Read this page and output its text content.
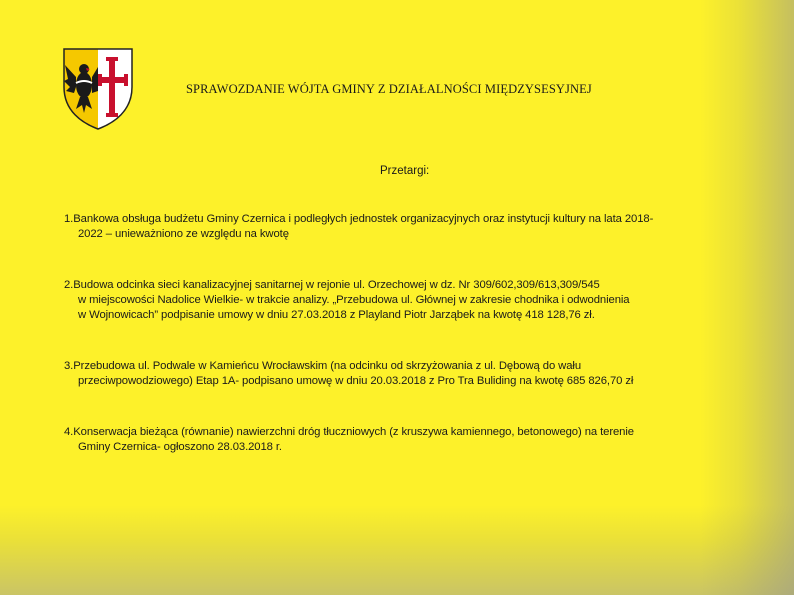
SPRAWOZDANIE WÓJTA GMINY Z DZIAŁALNOŚCI MIĘDZYSESYJNEJ
Przetargi:
1.Bankowa obsługa budżetu Gminy Czernica i podległych jednostek organizacyjnych oraz instytucji kultury na lata 2018-
2022 – unieważniono ze względu na kwotę
2.Budowa odcinka sieci kanalizacyjnej sanitarnej w rejonie ul. Orzechowej w dz. Nr 309/602,309/613,309/545
w miejscowości Nadolice Wielkie- w trakcie analizy. „Przebudowa ul. Głównej w zakresie chodnika i odwodnienia
w Wojnowicach” podpisanie umowy w dniu 27.03.2018 z Playland Piotr Jarząbek na kwotę 418 128,76 zł.
3.Przebudowa ul. Podwale w Kamieńcu Wrocławskim (na odcinku od skrzyżowania z ul. Dębową do wału
przeciwpowodziowego) Etap 1A- podpisano umowę w dniu 20.03.2018 z Pro Tra Buliding na kwotę 685 826,70 zł
4.Konserwacja bieżąca (równanie) nawierzchni dróg tłuczniowych (z kruszywa kamiennego, betonowego) na terenie
Gminy Czernica- ogłoszono 28.03.2018 r.
